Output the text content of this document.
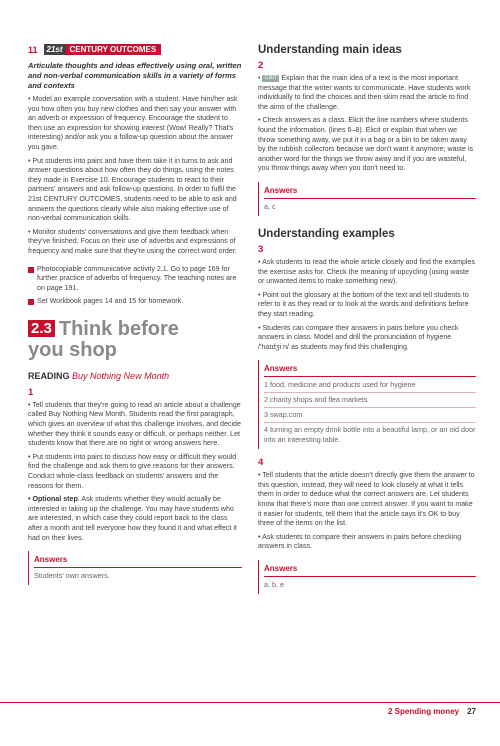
11	21st CENTURY OUTCOMES
Articulate thoughts and ideas effectively using oral, written and non-verbal communication skills in a variety of forms and contexts

• Model an example conversation with a student. Have him/her ask you how often you buy new clothes and then say your answer with an adverb or expression of frequency. Encourage the student to then use an expression for showing interest (Wow! Really? That's interesting) and/or ask you a follow-up question about the answer you gave.

• Put students into pairs and have them take it in turns to ask and answer questions about how often they do things, using the notes they made in Exercise 10. Encourage students to react to their partners' answers and ask follow-up questions. In order to fulfil the 21st CENTURY OUTCOMES, students need to be able to ask and answers the questions clearly while also making effective use of non-verbal communication skills.

• Monitor students' conversations and give them feedback when they've finished. Focus on their use of adverbs and expressions of frequency and make sure that they're using the correct word order.

Photocopiable communicative activity 2.1. Go to page 169 for further practice of adverbs of frequency. The teaching notes are on page 191.

Set Workbook pages 14 and 15 for homework.

2.3 Think before
you shop
READING Buy Nothing New Month
1

• Tell students that they're going to read an article about a challenge called Buy Nothing New Month. Students read the first paragraph, which gives an overview of what this challenge involves, and decide whether they think it sounds easy or difficult, or perhaps neither. Let students know that there are no right or wrong answers here.

• Put students into pairs to discuss how easy or difficult they would find the challenge and ask them to give reasons for their answers. Conduct whole-class feedback on students' answers and the reasons for them.

• Optional step. Ask students whether they would actually be interested in taking up the challenge. You may have students who are interested, in which case they could report back to the class after a month and tell everyone how they found it and what effect it had on their lives.

Answers
Students' own answers.
Understanding main ideas
2

• CRIT Explain that the main idea of a text is the most important message that the writer wants to communicate. Have students work individually to find the choices and then skim read the article to find the aims of the challenge.

• Check answers as a class. Elicit the line numbers where students found the information. (lines 6–8). Elicit or explain that when we throw something away, we put it in a bag or a bin to be taken away by the rubbish collectors because we don't want it anymore; waste is another word for the things we throw away and if you are wasteful, you throw things away when you don't need to.

Answers
a, c
Understanding examples
3

• Ask students to read the whole article closely and find the examples the exercise asks for. Check the meaning of upcycling (using waste or unwanted items to make something new).

• Point out the glossary at the bottom of the text and tell students to refer to it as they read or to look at the words and definitions before they start reading.

• Students can compare their answers in pairs before you check answers in class. Model and drill the pronunciation of hygiene /'haɪdʒiːn/ as students may find this challenging.

Answers
1 food, medicine and products used for hygiene
2 charity shops and flea markets
3 swap.com
4 turning an empty drink bottle into a beautiful lamp, or an old door into an interesting table.
4

• Tell students that the article doesn't directly give them the answer to this question, instead, they will need to look closely at what it tells them in order to deduce what the correct answers are. Let students know that there's more than one correct answer. If you want to make it easier for students, tell them that the article says it's OK to buy three of the items on the list.

• Ask students to compare their answers in pairs before checking answers in class.

Answers
a, b, e
2 Spending money 27
